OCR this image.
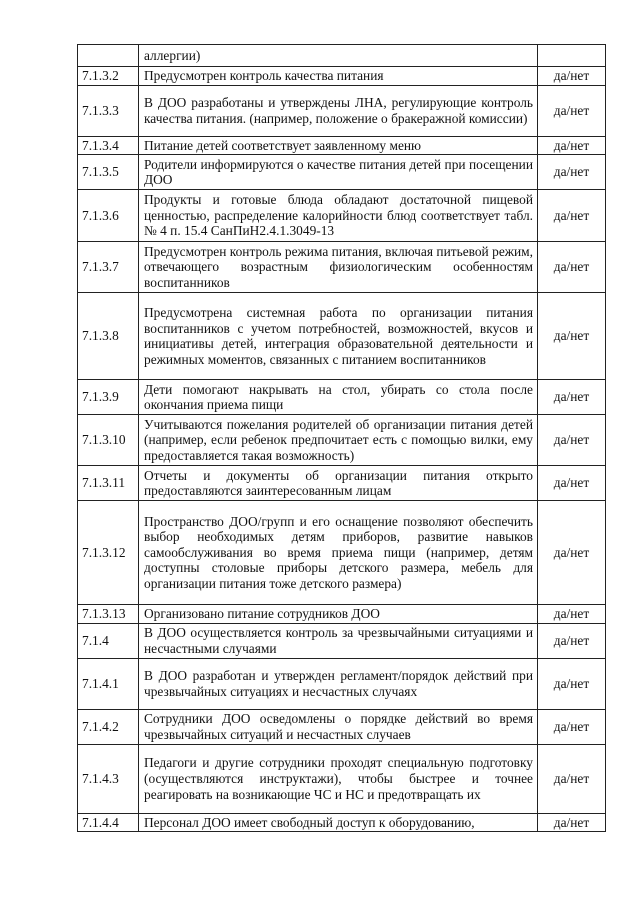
	аллергии)	
7.1.3.2	Предусмотрен контроль качества питания	да/нет
7.1.3.3	В ДОО разработаны и утверждены ЛНА, регулирующие контроль качества питания. (например, положение о бракеражной комиссии)	да/нет
7.1.3.4	Питание детей соответствует заявленному меню	да/нет
7.1.3.5	Родители информируются о качестве питания детей при посещении ДОО	да/нет
7.1.3.6	Продукты и готовые блюда обладают достаточной пищевой ценностью, распределение калорийности блюд соответствует табл. № 4 п. 15.4 СанПиН2.4.1.3049-13	да/нет
7.1.3.7	Предусмотрен контроль режима питания, включая питьевой режим, отвечающего возрастным физиологическим особенностям воспитанников	да/нет
7.1.3.8	Предусмотрена системная работа по организации питания воспитанников с учетом потребностей, возможностей, вкусов и инициативы детей, интеграция образовательной деятельности и режимных моментов, связанных с питанием воспитанников	да/нет
7.1.3.9	Дети помогают накрывать на стол, убирать со стола после окончания приема пищи	да/нет
7.1.3.10	Учитываются пожелания родителей об организации питания детей (например, если ребенок предпочитает есть с помощью вилки, ему предоставляется такая возможность)	да/нет
7.1.3.11	Отчеты и документы об организации питания открыто предоставляются заинтересованным лицам	да/нет
7.1.3.12	Пространство ДОО/групп и его оснащение позволяют обеспечить выбор необходимых детям приборов, развитие навыков самообслуживания во время приема пищи (например, детям доступны столовые приборы детского размера, мебель для организации питания тоже детского размера)	да/нет
7.1.3.13	Организовано питание сотрудников ДОО	да/нет
7.1.4	В ДОО осуществляется контроль за чрезвычайными ситуациями и несчастными случаями	да/нет
7.1.4.1	В ДОО разработан и утвержден регламент/порядок действий при чрезвычайных ситуациях и несчастных случаях	да/нет
7.1.4.2	Сотрудники ДОО осведомлены о порядке действий во время чрезвычайных ситуаций и несчастных случаев	да/нет
7.1.4.3	Педагоги и другие сотрудники проходят специальную подготовку (осуществляются инструктажи), чтобы быстрее и точнее реагировать на возникающие ЧС и НС и предотвращать их	да/нет
7.1.4.4	Персонал ДОО имеет свободный доступ к оборудованию,	да/нет
